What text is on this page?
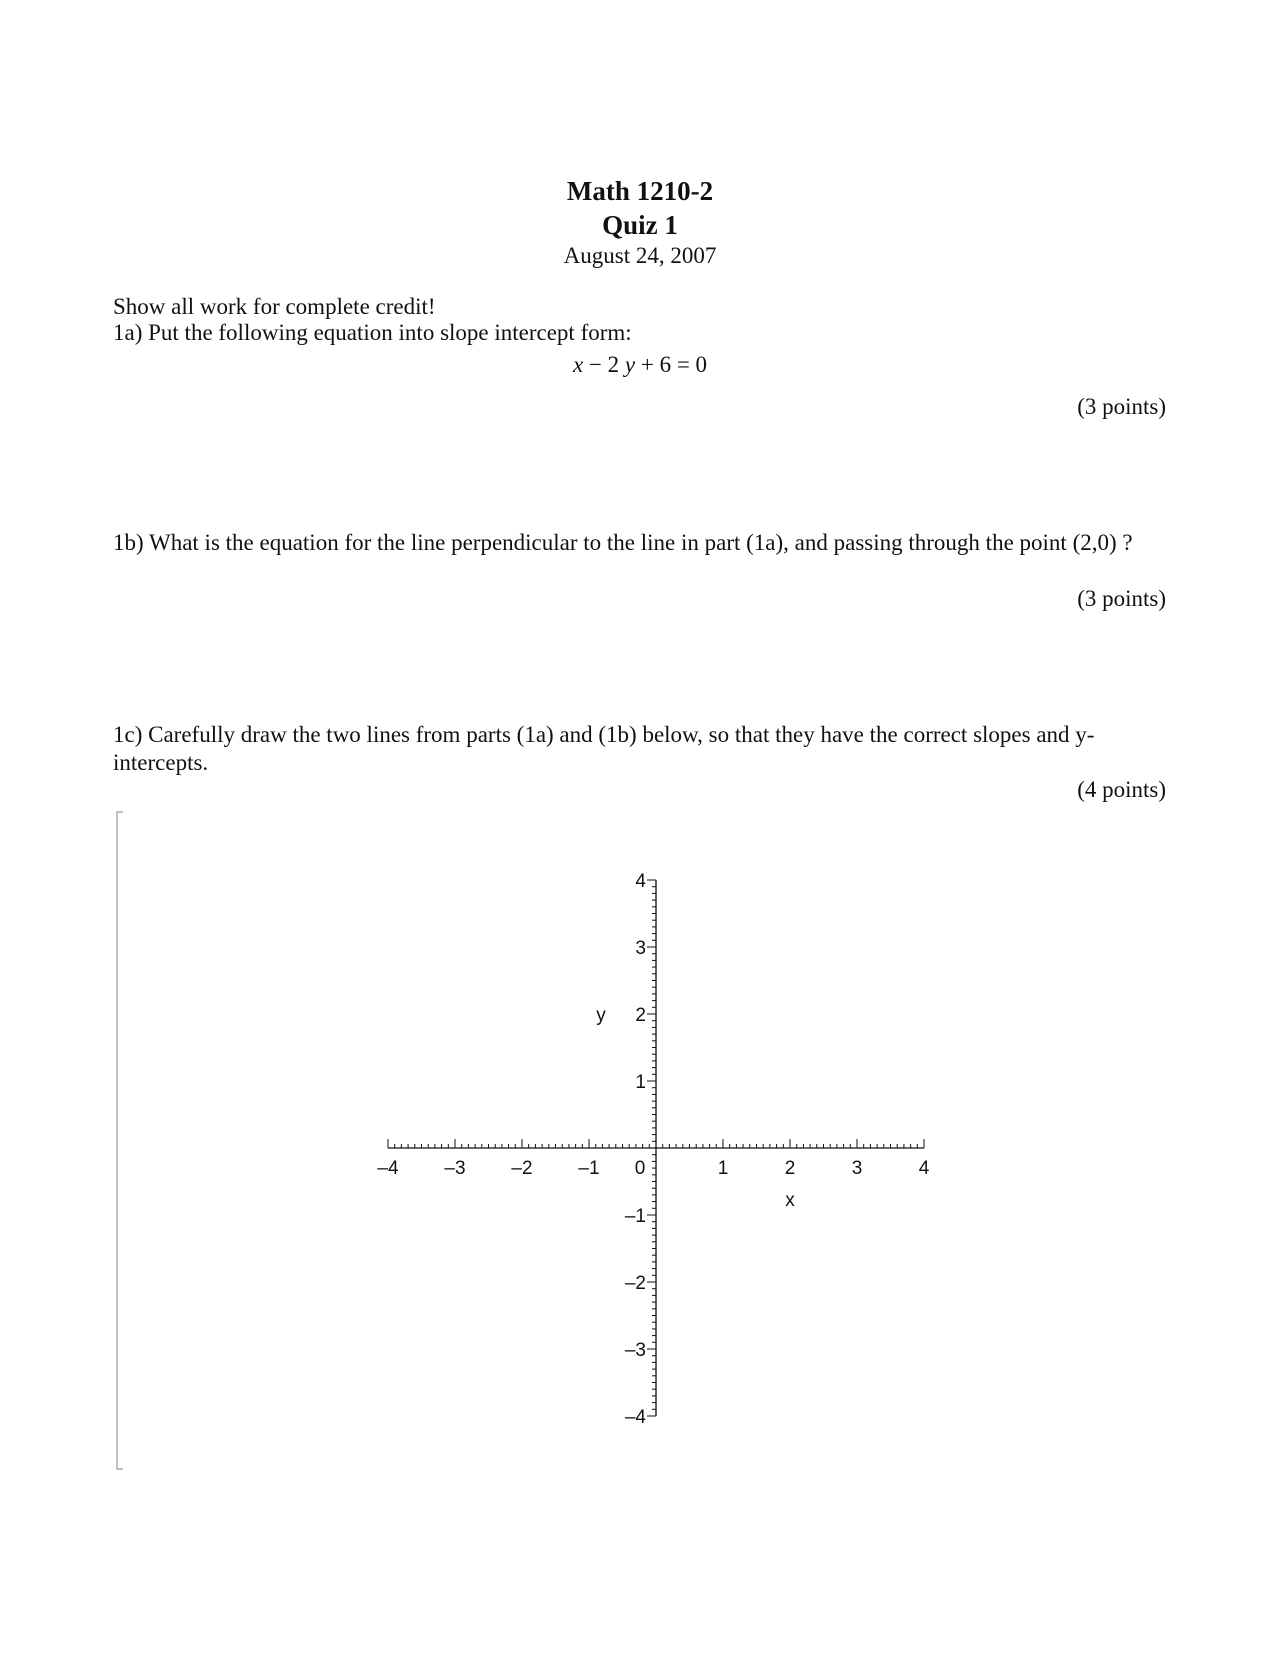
Math 1210-2
Quiz 1
August 24, 2007
Show all work for complete credit!
1a) Put the following equation into slope intercept form:
x − 2 y + 6 = 0
(3 points)
1b) What is the equation for the line perpendicular to the line in part (1a), and passing through the point (2,0) ?
(3 points)
1c) Carefully draw the two lines from parts (1a) and (1b) below, so that they have the correct slopes and y-intercepts.
(4 points)
–4 –3 –2 –1 0	1	2	3	4
–4
–3
–2
–1
1
2
3
4
x
y
